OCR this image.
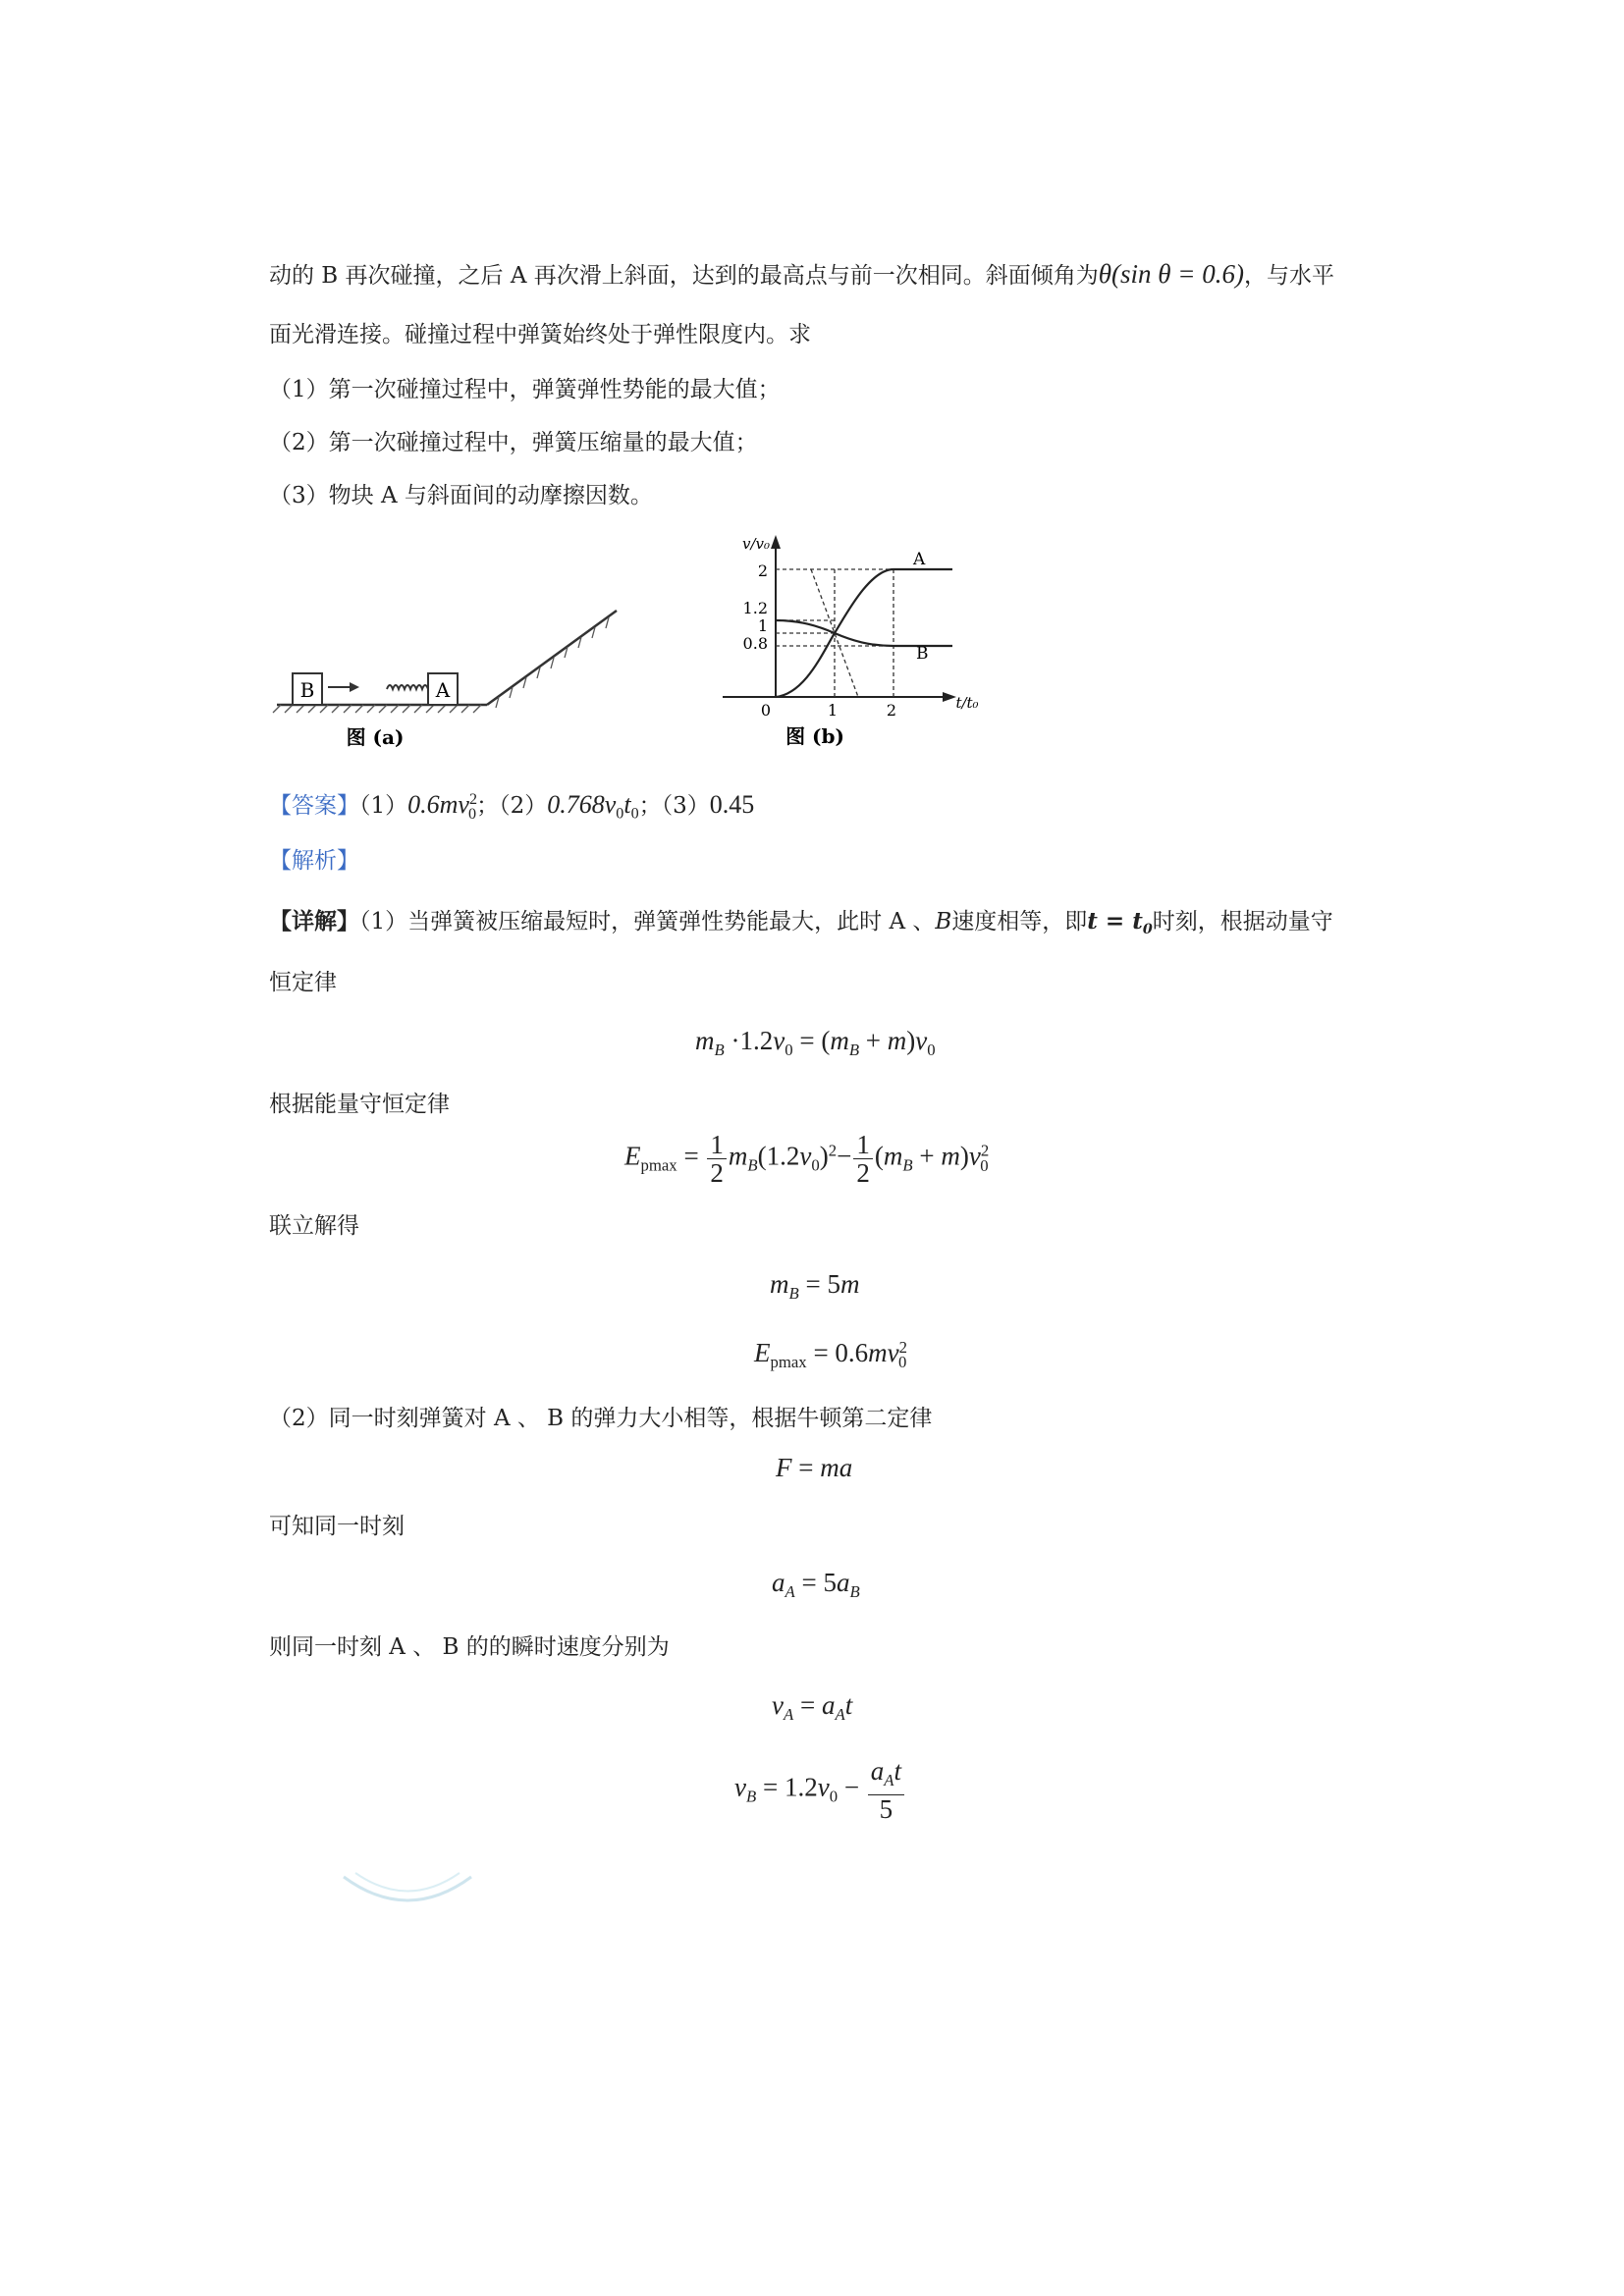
动的 B 再次碰撞，之后 A 再次滑上斜面，达到的最高点与前一次相同。斜面倾角为θ(sin θ = 0.6)，与水平
面光滑连接。碰撞过程中弹簧始终处于弹性限度内。求
（1）第一次碰撞过程中，弹簧弹性势能的最大值；
（2）第一次碰撞过程中，弹簧压缩量的最大值；
（3）物块 A 与斜面间的动摩擦因数。
B	A
图 (a)
v/v₀
t/t₀
0
2
1.2
1
0.8
1	2
A
B
图 (b)
【答案】$(1)0.6mv^2_0$；$(2)0.768v_0t_0$；（3）0.45
【解析】
【详解】（1）当弹簧被压缩最短时，弹簧弹性势能最大，此时 A 、B速度相等，即$t = t_0$时刻，根据动量守
恒定律
$m_B \cdot 1.2v_0 = (m_B + m)v_0$
根据能量守恒定律
$E_{pmax} = \frac{1}{2} m_B(1.2v_0)^2- \frac{1}{2} (m_B + m)v^2_0$
联立解得
$m_B = 5m$
$E_{pmax} = 0.6mv^2_0$
（2）同一时刻弹簧对 A 、 B 的弹力大小相等，根据牛顿第二定律
F = ma
可知同一时刻
$a_A = 5a_B$
则同一时刻 A 、 B 的的瞬时速度分别为
$v_A = a_At$
$v_B = 1.2v_0 - \frac{a_At}{5}$
